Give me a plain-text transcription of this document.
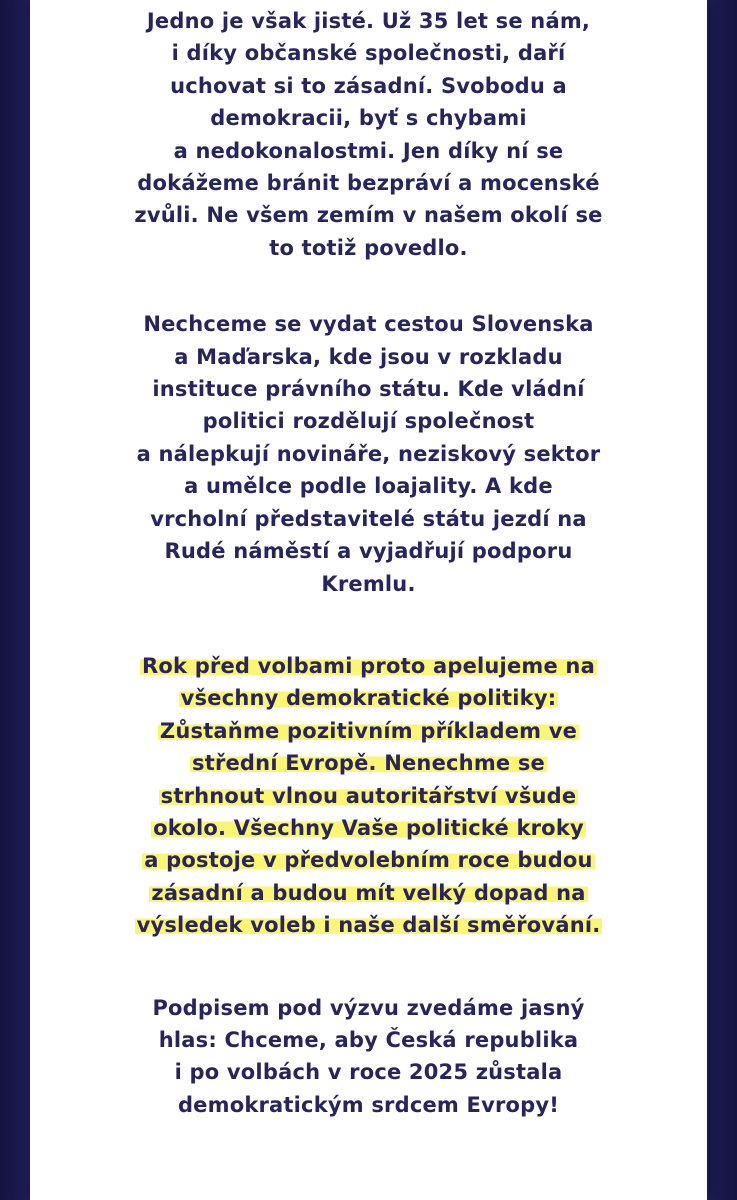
Jedno je však jisté. Už 35 let se nám,
i díky občanské společnosti, daří
uchovat si to zásadní. Svobodu a
demokracii, byť s chybami
a nedokonalostmi. Jen díky ní se
dokážeme bránit bezpráví a mocenské
zvůli. Ne všem zemím v našem okolí se
to totiž povedlo.

Nechceme se vydat cestou Slovenska
a Maďarska, kde jsou v rozkladu
instituce právního státu. Kde vládní
politici rozdělují společnost
a nálepkují novináře, neziskový sektor
a umělce podle loajality. A kde
vrcholní představitelé státu jezdí na
Rudé náměstí a vyjadřují podporu
Kremlu.

Rok před volbami proto apelujeme na
všechny demokratické politiky:
Zůstaňme pozitivním příkladem ve
střední Evropě. Nenechme se
strhnout vlnou autoritářství všude
okolo. Všechny Vaše politické kroky
a postoje v předvolebním roce budou
zásadní a budou mít velký dopad na
výsledek voleb i naše další směřování.

Podpisem pod výzvu zvedáme jasný
hlas: Chceme, aby Česká republika
i po volbách v roce 2025 zůstala
demokratickým srdcem Evropy!
